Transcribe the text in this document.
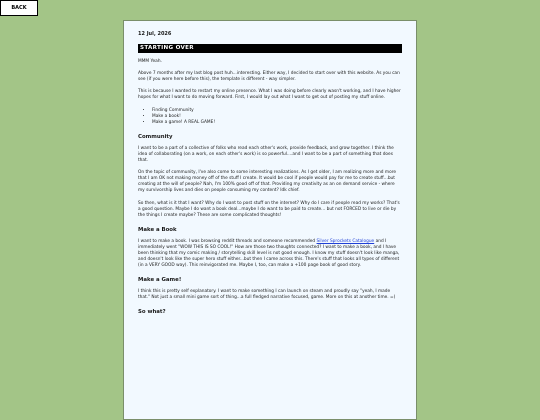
BACK
12 Jul, 2026
STARTING OVER

MMM Yeah.

Above 7 months after my last blog post huh...interesting. Either way, I decided to start over with this website. As you can see (if you were here before this), the template is different - way simpler.

This is because I wanted to restart my online presence. What I was doing before clearly wasn't working, and I have higher hopes for what I want to do moving forward. First, I would lay out what I want to get out of posting my stuff online.

• Finding Community
• Make a book!
• Make a game! A REAL GAME!
Community

I want to be a part of a collective of folks who read each other's work, provide feedback, and grow together. I think the idea of collaborating (on a work, on each other's work) is so powerful....and I want to be a part of something that does that.

On the topic of community, I've also come to some interesting realizations. As I get older, I am realizing more and more that I am OK not making money off of the stuff I create. It would be cool if people would pay for me to create stuff...but creating at the will of people? Nah, I'm 100% good off of that. Providing my creativity as an on demand service - where my survivorship lives and dies on people consuming my content? Idk chief.

So then, what is it that I want? Why do I want to post stuff on the internet? Why do I care if people read my works? That's a good question. Maybe I do want a book deal...maybe I do want to be paid to create... but not FORCED to live or die by the things I create maybe? These are some complicated thoughts!

Make a Book

I want to make a book. I was browsing reddit threads and someone recommended Silver Sprockets Catalogue and I immediately went "WOW THIS IS SO COOL!" How are those two thoughts connected? I want to make a book, and I have been thinking that my comic making / storytelling skill level is not good enough. I know my stuff doesn't look like manga, and doesn't look like the super hero stuff either...but then I came across this. There's stuff that looks all types of different (in a VERY GOOD way). This reinvigorated me. Maybe I, too, can make a +100 page book of good story.

Make a Game!

I think this is pretty self explanatory. I want to make something I can launch on steam and proudly say "yeah, I made that." Not just a small mini game sort of thing...a full fledged narrative focused, game. More on this at another time. =)

So what?
